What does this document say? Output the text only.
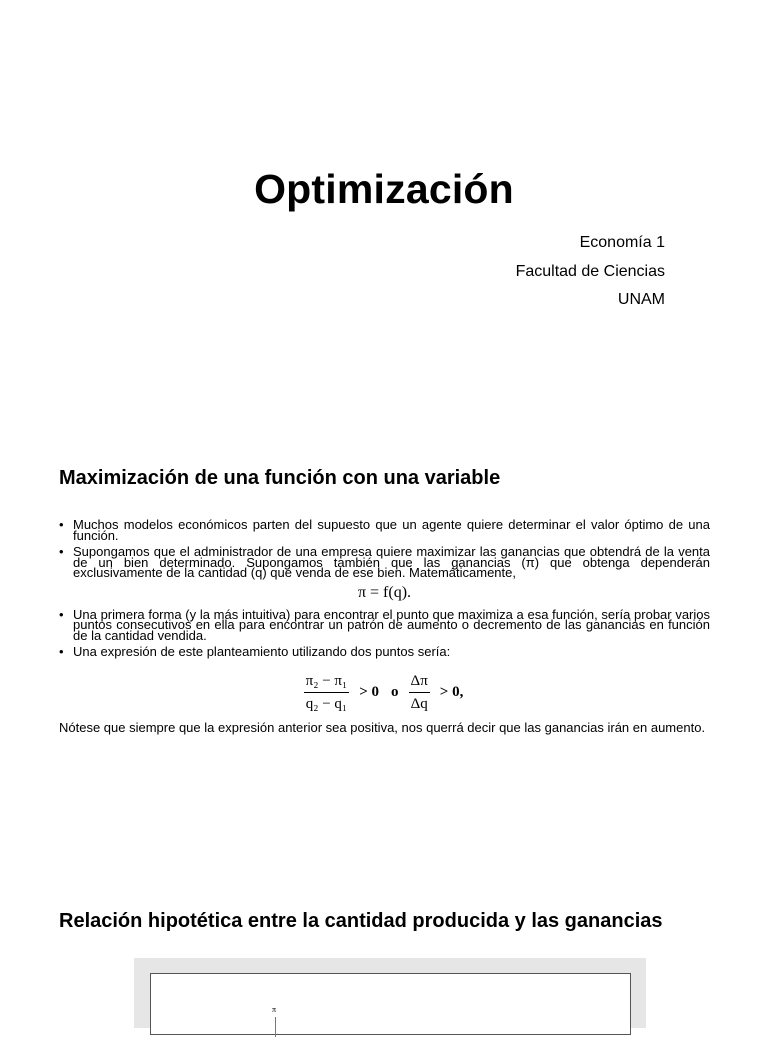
Optimización
Economía 1
Facultad de Ciencias
UNAM
Maximización de una función con una variable
• Muchos modelos económicos parten del supuesto que un agente quiere determinar el valor óptimo de una función.
• Supongamos que el administrador de una empresa quiere maximizar las ganancias que obtendrá de la venta de un bien determinado. Supongamos también que las ganancias (π) que obtenga dependerán exclusivamente de la cantidad (q) que venda de ese bien. Matemáticamente,
π = f(q).
• Una primera forma (y la más intuitiva) para encontrar el punto que maximiza a esa función, sería probar varios puntos consecutivos en ella para encontrar un patrón de aumento o decremento de las ganancias en función de la cantidad vendida.
• Una expresión de este planteamiento utilizando dos puntos sería:
$\frac{\text{π₂ − π₁}}{\text{q₂ − q₁}} > 0$ o $\frac{\Delta\pi}{\Delta q} > 0$,
Nótese que siempre que la expresión anterior sea positiva, nos querrá decir que las ganancias irán en aumento.
Relación hipotética entre la cantidad producida y las ganancias
π
